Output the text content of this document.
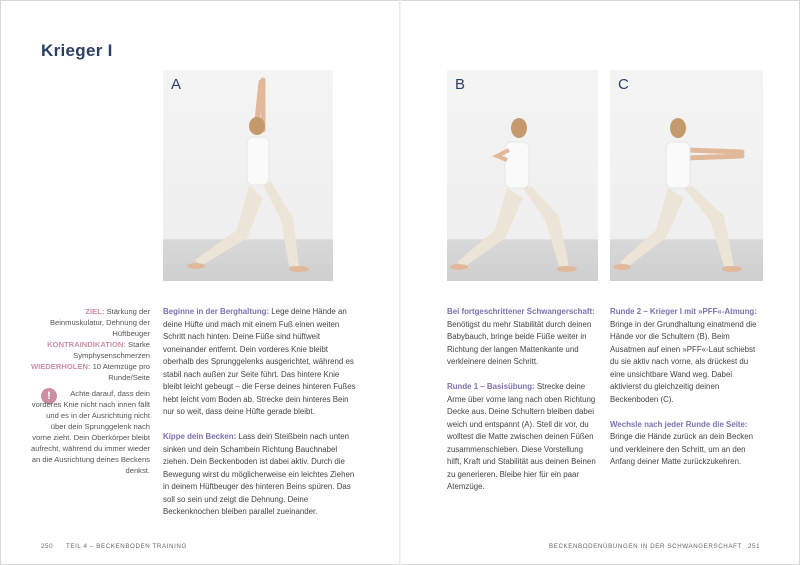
Krieger I
A	B	C
ZIEL: Stärkung der Beinmuskulatur, Dehnung der Hüftbeuger
KONTRAINDIKATION: Starke Symphysenschmerzen
WIEDERHOLEN: 10 Atemzüge pro Runde/Seite
!	Achte darauf, dass dein vorderes Knie nicht nach innen fällt und es in der Ausrichtung nicht über dein Sprunggelenk nach vorne zieht. Dein Oberkörper bleibt aufrecht, während du immer wieder an die Ausrichtung deines Beckens denkst.

Beginne in der Berghaltung: Lege deine Hände an deine Hüfte und mach mit einem Fuß einen weiten Schritt nach hinten. Deine Füße sind hüftweit voneinander entfernt. Dein vorderes Knie bleibt oberhalb des Sprunggelenks ausgerichtet, während es stabil nach außen zur Seite führt. Das hintere Knie bleibt leicht gebeugt – die Ferse deines hinteren Fußes hebt leicht vom Boden ab. Strecke dein hinteres Bein nur so weit, dass deine Hüfte gerade bleibt.

Kippe dein Becken: Lass dein Steißbein nach unten sinken und dein Schambein Richtung Bauchnabel ziehen. Dein Beckenboden ist dabei aktiv. Durch die Bewegung wirst du möglicherweise ein leichtes Ziehen in deinem Hüftbeuger des hinteren Beins spüren. Das soll so sein und zeigt die Dehnung. Deine Beckenknochen bleiben parallel zueinander.

Bei fortgeschrittener Schwangerschaft: Benötigst du mehr Stabilität durch deinen Babybauch, bringe beide Füße weiter in Richtung der langen Mattenkante und verkleinere deinen Schritt.

Runde 1 – Basisübung: Strecke deine Arme über vorne lang nach oben Richtung Decke aus. Deine Schultern bleiben dabei weich und entspannt (A). Stell dir vor, du wolltest die Matte zwischen deinen Füßen zusammenschieben. Diese Vorstellung hilft, Kraft und Stabilität aus deinen Beinen zu generieren. Bleibe hier für ein paar Atemzüge.

Runde 2 – Krieger I mit »PFF«-Atmung: Bringe in der Grundhaltung einatmend die Hände vor die Schultern (B). Beim Ausatmen auf einen »PFF«-Laut schiebst du sie aktiv nach vorne, als drückest du eine unsichtbare Wand weg. Dabei aktivierst du gleichzeitig deinen Beckenboden (C).

Wechsle nach jeder Runde die Seite: Bringe die Hände zurück an dein Becken und verkleinere den Schritt, um an den Anfang deiner Matte zurückzukehren.

250 TEIL 4 – BECKENBODEN TRAINING	BECKENBODENÜBUNGEN IN DER SCHWANGERSCHAFT 251
